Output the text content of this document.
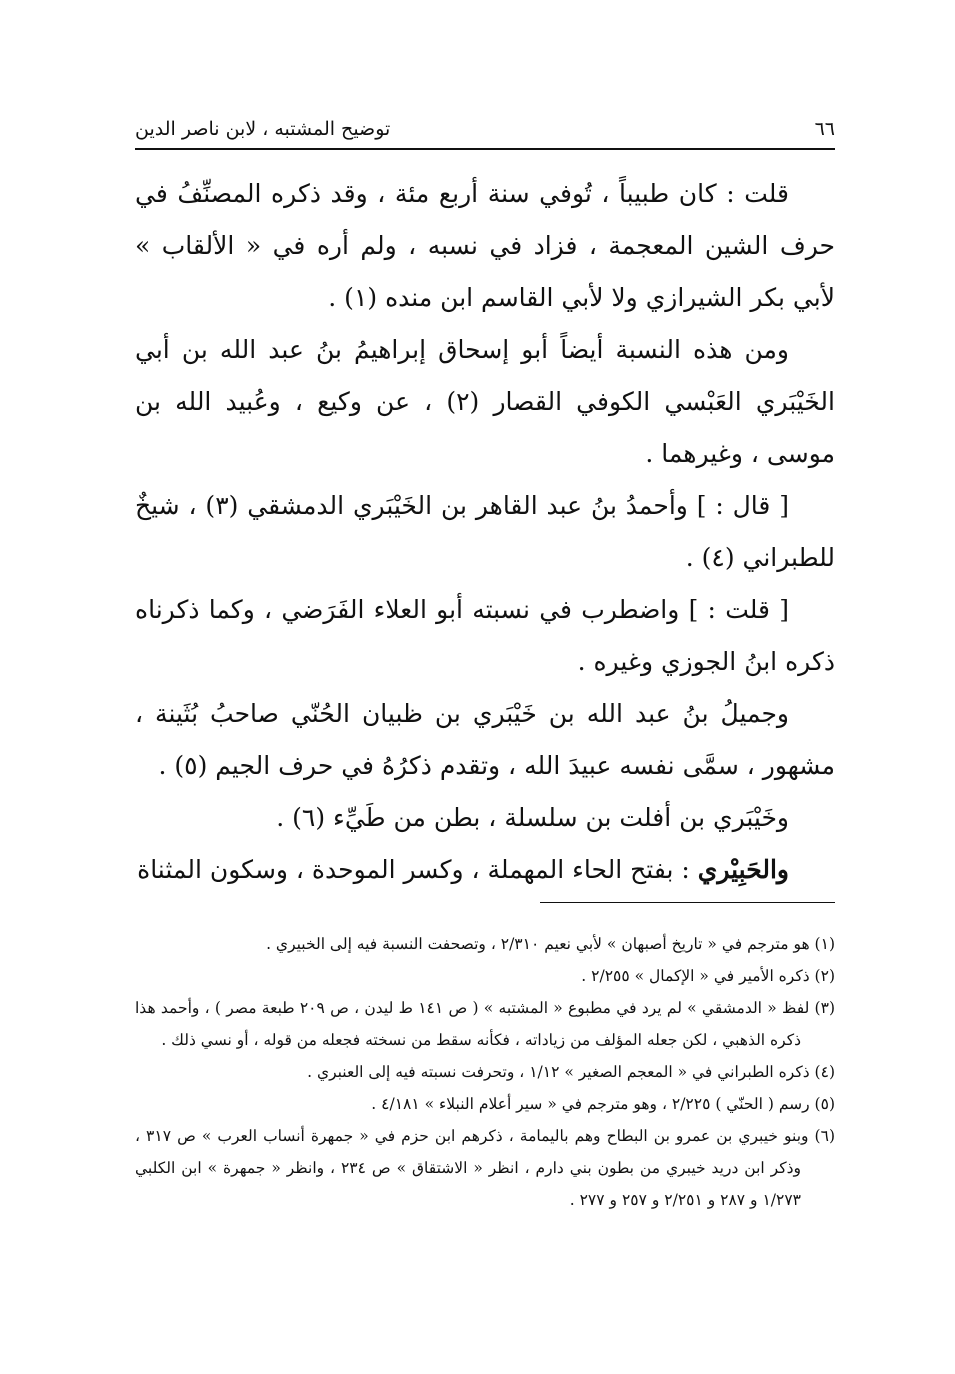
٦٦
توضيح المشتبه ، لابن ناصر الدين

قلت : كان طبيباً ، تُوفي سنة أربع مئة ، وقد ذكره المصنِّفُ في حرف الشين المعجمة ، فزاد في نسبه ، ولم أره في « الألقاب » لأبي بكر الشيرازي ولا لأبي القاسم ابن منده (١) .

ومن هذه النسبة أيضاً أبو إسحاق إبراهيمُ بنُ عبد الله بن أبي الخَيْبَري العَبْسي الكوفي القصار (٢) ، عن وكيع ، وعُبيد الله بن موسى ، وغيرهما .

[ قال : ] وأحمدُ بنُ عبد القاهر بن الخَيْبَري الدمشقي (٣) ، شيخٌ للطبراني (٤) .

[ قلت : ] واضطرب في نسبته أبو العلاء الفَرَضي ، وكما ذكرناه ذكره ابنُ الجوزي وغيره .

وجميلُ بنُ عبد الله بن خَيْبَري بن ظبيان الحُنّي صاحبُ بُثَينة ، مشهور ، سمَّى نفسه عبيدَ الله ، وتقدم ذكرُهُ في حرف الجيم (٥) .

وخَيْبَري بن أفلت بن سلسلة ، بطن من طَيِّء (٦) .

والحَبِيْري : بفتح الحاء المهملة ، وكسر الموحدة ، وسكون المثناة

(١) هو مترجم في « تاريخ أصبهان » لأبي نعيم ٢/٣١٠ ، وتصحفت النسبة فيه إلى الخبيري .

(٢) ذكره الأمير في « الإكمال » ٢/٢٥٥ .

(٣) لفظ « الدمشقي » لم يرد في مطبوع « المشتبه » ( ص ١٤١ ط ليدن ، ص ٢٠٩ طبعة مصر ) ، وأحمد هذا ذكره الذهبي ، لكن جعله المؤلف من زياداته ، فكأنه سقط من نسخته فجعله من قوله ، أو نسي ذلك .

(٤) ذكره الطبراني في « المعجم الصغير » ١/١٢ ، وتحرفت نسبته فيه إلى العنبري .

(٥) رسم ( الحنّي ) ٢/٢٢٥ ، وهو مترجم في « سير أعلام النبلاء » ٤/١٨١ .

(٦) وبنو خيبري بن عمرو بن البطاح وهم باليمامة ، ذكرهم ابن حزم في « جمهرة أنساب العرب » ص ٣١٧ ، وذكر ابن دريد خيبري من بطون بني دارم ، انظر « الاشتقاق » ص ٢٣٤ ، وانظر « جمهرة » ابن الكلبي ١/٢٧٣ و ٢٨٧ و ٢/٢٥١ و ٢٥٧ و ٢٧٧ .
